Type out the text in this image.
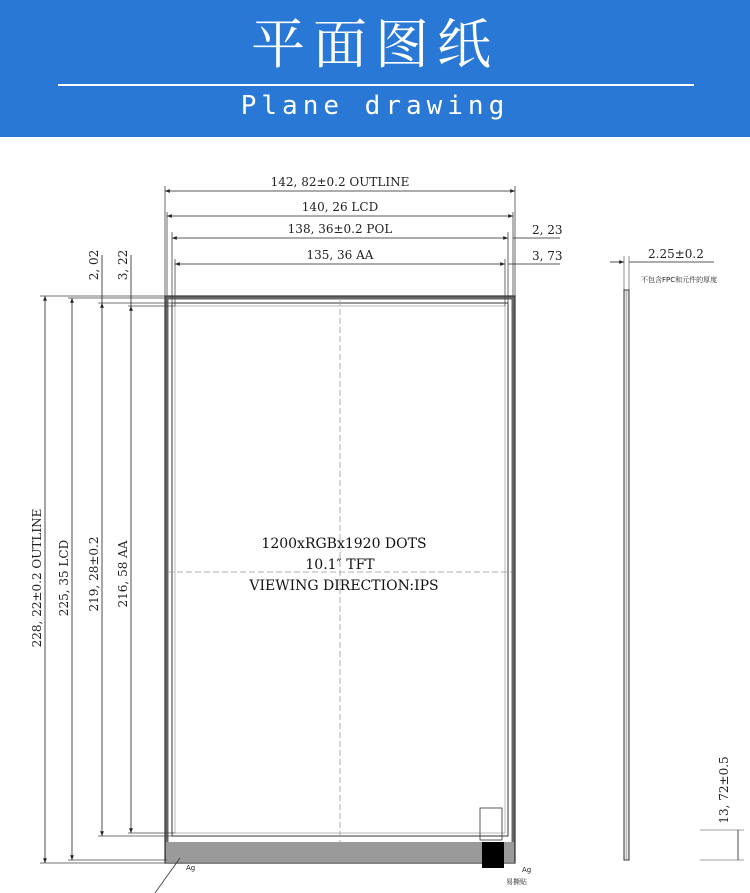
平面图纸
Plane drawing
142, 82±0.2 OUTLINE
140, 26 LCD
138, 36±0.2 POL
135, 36 AA
2, 23
3, 73
2, 02 3, 22
228, 22±0.2 OUTLINE 225, 35 LCD 219, 28±0.2 216, 58 AA	1200xRGBx1920 DOTS
10.1″ TFT
VIEWING DIRECTION:IPS
Ag	Ag
易撕贴
2.25±0.2
不包含FPC和元件的厚度
13, 72±0.5
